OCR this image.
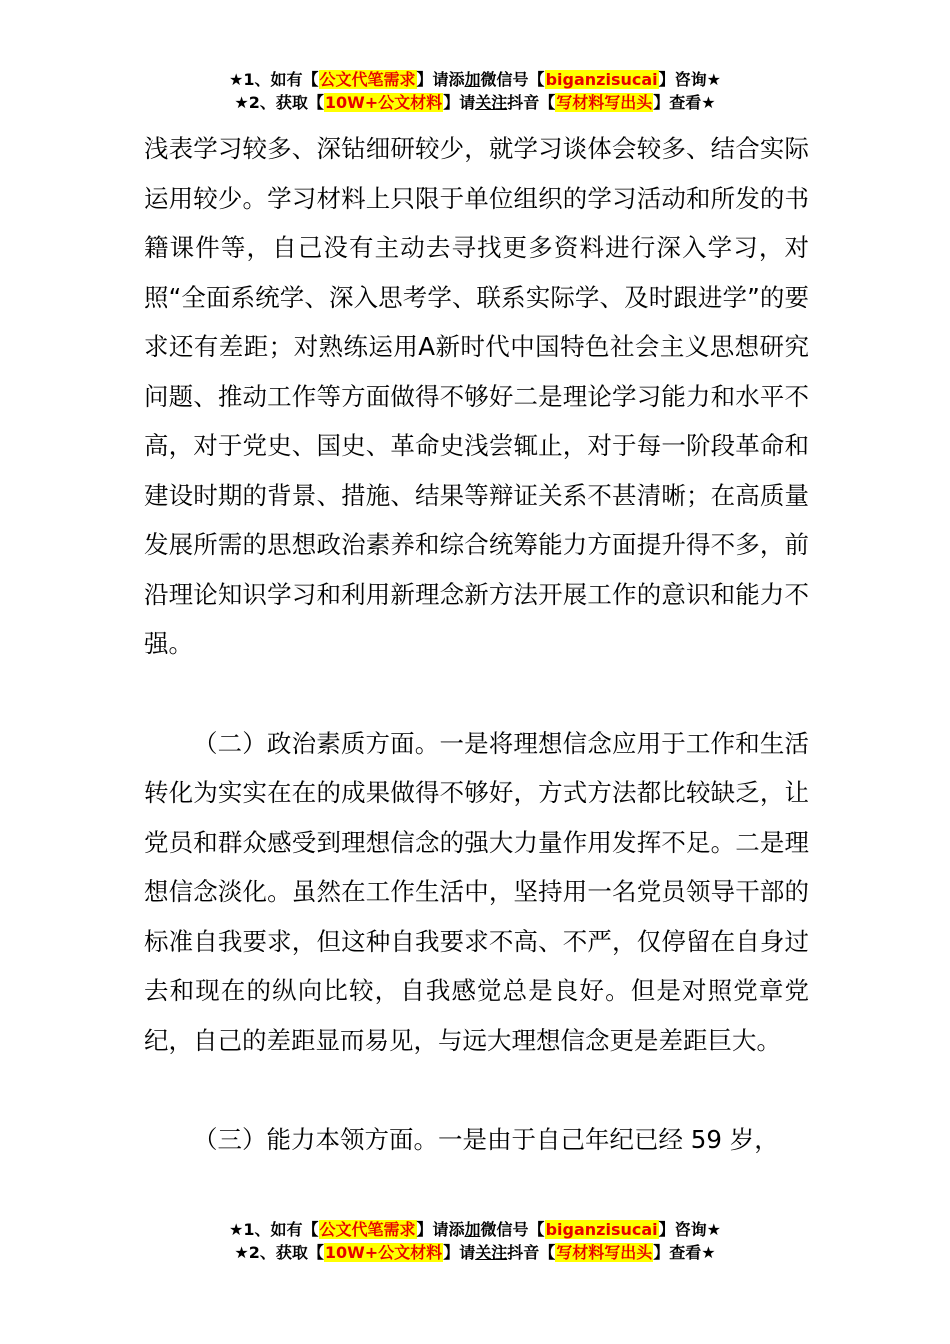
★1、如有【公文代笔需求】请添加微信号【biganzisucai】咨询★
★2、获取【10W+公文材料】请关注抖音【写材料写出头】查看★

浅表学习较多、深钻细研较少，就学习谈体会较多、结合实际运用较少。学习材料上只限于单位组织的学习活动和所发的书籍课件等，自己没有主动去寻找更多资料进行深入学习，对照“全面系统学、深入思考学、联系实际学、及时跟进学”的要求还有差距；对熟练运用A新时代中国特色社会主义思想研究问题、推动工作等方面做得不够好二是理论学习能力和水平不高，对于党史、国史、革命史浅尝辄止，对于每一阶段革命和建设时期的背景、措施、结果等辩证关系不甚清晰；在高质量发展所需的思想政治素养和综合统筹能力方面提升得不多，前沿理论知识学习和利用新理念新方法开展工作的意识和能力不强。

（二）政治素质方面。一是将理想信念应用于工作和生活转化为实实在在的成果做得不够好，方式方法都比较缺乏，让党员和群众感受到理想信念的强大力量作用发挥不足。二是理想信念淡化。虽然在工作生活中，坚持用一名党员领导干部的标准自我要求，但这种自我要求不高、不严，仅停留在自身过去和现在的纵向比较，自我感觉总是良好。但是对照党章党纪，自己的差距显而易见，与远大理想信念更是差距巨大。

（三）能力本领方面。一是由于自己年纪已经 59 岁，

★1、如有【公文代笔需求】请添加微信号【biganzisucai】咨询★
★2、获取【10W+公文材料】请关注抖音【写材料写出头】查看★
